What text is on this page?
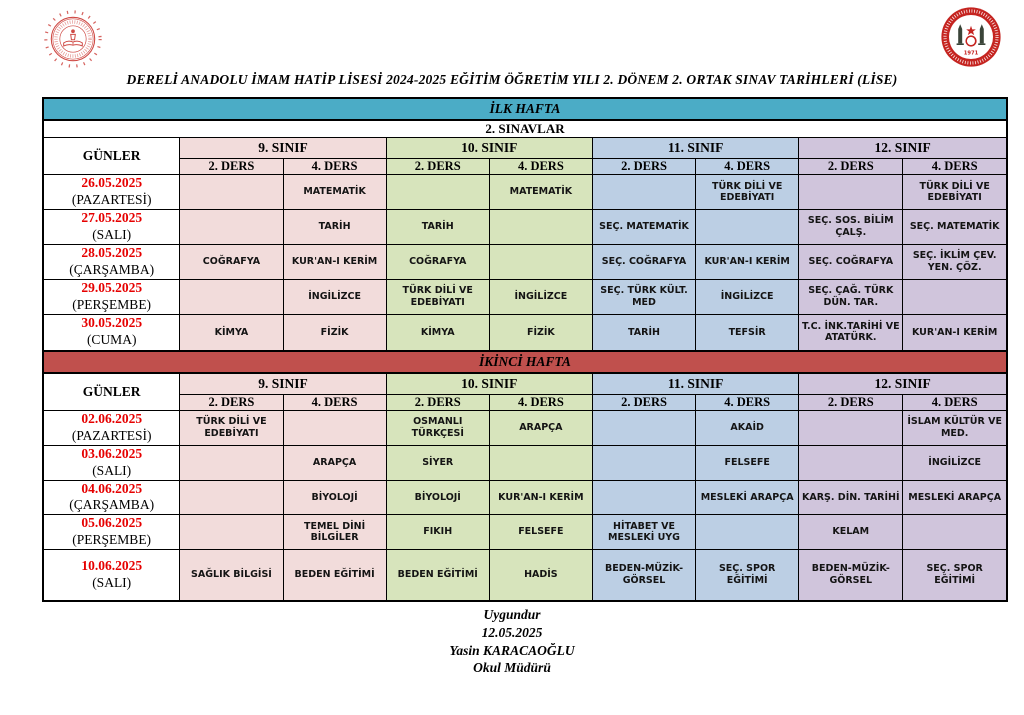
1971
DERELİ ANADOLU İMAM HATİP LİSESİ 2024-2025 EĞİTİM ÖĞRETİM YILI 2. DÖNEM 2. ORTAK SINAV TARİHLERİ (LİSE)
İLK HAFTA								
2. SINAVLAR								
GÜNLER	9. SINIF		10. SINIF		11. SINIF		12. SINIF	
	2. DERS	4. DERS	2. DERS	4. DERS	2. DERS	4. DERS	2. DERS	4. DERS

26.05.2025
(PAZARTESİ)		MATEMATİK		MATEMATİK		TÜRK DİLİ VE EDEBİYATI		TÜRK DİLİ VE EDEBİYATI

27.05.2025
(SALI)		TARİH	TARİH		SEÇ. MATEMATİK		SEÇ. SOS. BİLİM ÇALŞ.	SEÇ. MATEMATİK

28.05.2025
(ÇARŞAMBA)	COĞRAFYA	KUR'AN-I KERİM	COĞRAFYA		SEÇ. COĞRAFYA	KUR'AN-I KERİM	SEÇ. COĞRAFYA	SEÇ. İKLİM ÇEV. YEN. ÇÖZ.

29.05.2025
(PERŞEMBE)		İNGİLİZCE	TÜRK DİLİ VE EDEBİYATI	İNGİLİZCE	SEÇ. TÜRK KÜLT. MED	İNGİLİZCE	SEÇ. ÇAĞ. TÜRK DÜN. TAR.	

30.05.2025
(CUMA)	KİMYA	FİZİK	KİMYA	FİZİK	TARİH	TEFSİR	T.C. İNK.TARİHİ VE ATATÜRK.	KUR'AN-I KERİM
İKİNCİ HAFTA								
GÜNLER	9. SINIF		10. SINIF		11. SINIF		12. SINIF	
	2. DERS	4. DERS	2. DERS	4. DERS	2. DERS	4. DERS	2. DERS	4. DERS

02.06.2025
(PAZARTESİ)	TÜRK DİLİ VE EDEBİYATI		OSMANLI TÜRKÇESİ	ARAPÇA		AKAİD		İSLAM KÜLTÜR VE MED.

03.06.2025
(SALI)		ARAPÇA	SİYER			FELSEFE		İNGİLİZCE

04.06.2025
(ÇARŞAMBA)		BİYOLOJİ	BİYOLOJİ	KUR'AN-I KERİM		MESLEKİ ARAPÇA	KARŞ. DİN. TARİHİ	MESLEKİ ARAPÇA

05.06.2025
(PERŞEMBE)		TEMEL DİNİ BİLGİLER	FIKIH	FELSEFE	HİTABET VE MESLEKİ UYG		KELAM	

10.06.2025
(SALI)	SAĞLIK BİLGİSİ	BEDEN EĞİTİMİ	BEDEN EĞİTİMİ	HADİS	BEDEN-MÜZİK-GÖRSEL	SEÇ. SPOR EĞİTİMİ	BEDEN-MÜZİK-GÖRSEL	SEÇ. SPOR EĞİTİMİ
Uygundur
12.05.2025
Yasin KARACAOĞLU
Okul Müdürü
